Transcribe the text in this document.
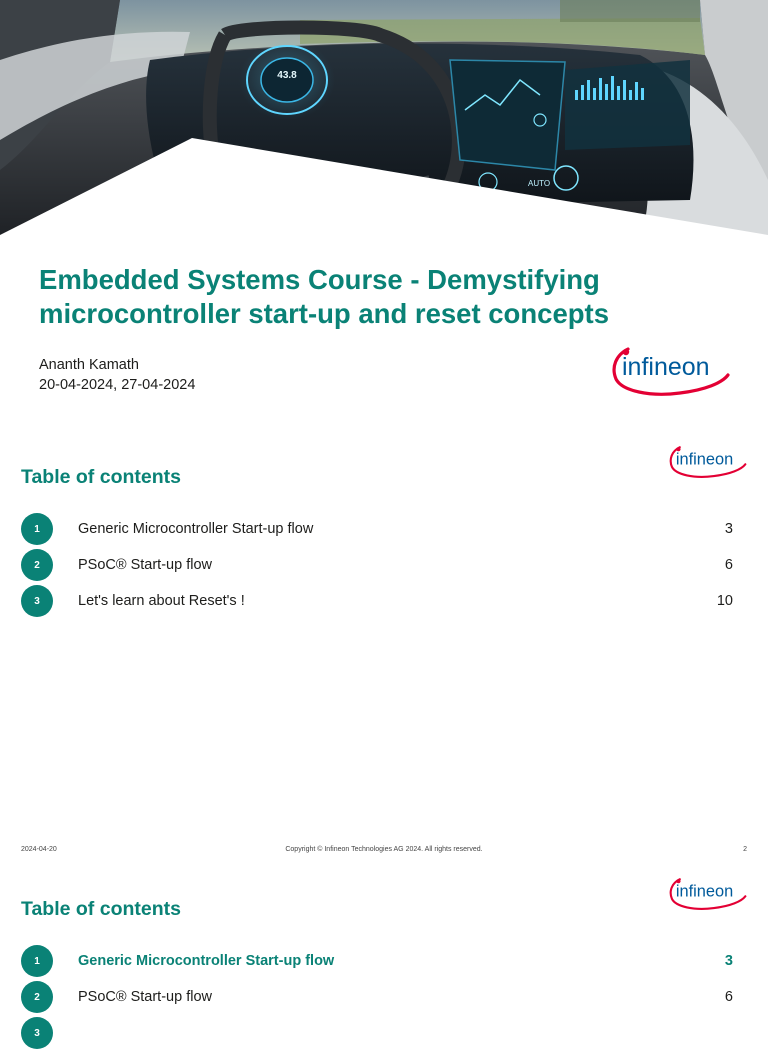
43.8
AUTO
Embedded Systems Course - Demystifying microcontroller start-up and reset concepts
Ananth Kamath
20-04-2024, 27-04-2024
infineon
Table of contents
infineon
1	Generic Microcontroller Start-up flow	3
2	PSoC® Start-up flow	6
3	Let's learn about Reset's !	10
2024-04-20	Copyright © Infineon Technologies AG 2024. All rights reserved.	2
Table of contents
infineon
1	Generic Microcontroller Start-up flow	3
2	PSoC® Start-up flow	6
3
